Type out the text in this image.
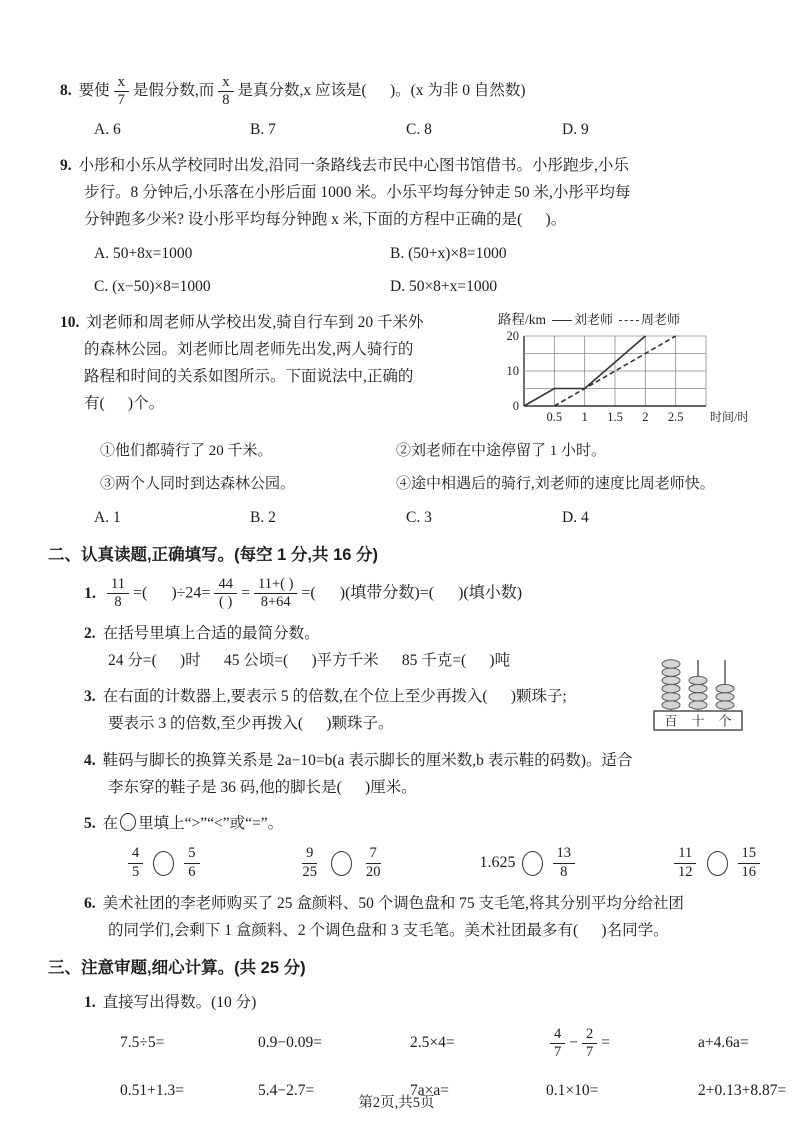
8. 要使 $\frac{x}{7}$ 是假分数,而 $\frac{x}{8}$ 是真分数,x 应该是(      )。(x 为非 0 自然数)
A. 6	B. 7	C. 8	D. 9
9. 小彤和小乐从学校同时出发,沿同一条路线去市民中心图书馆借书。小彤跑步,小乐
步行。8 分钟后,小乐落在小彤后面 1000 米。小乐平均每分钟走 50 米,小彤平均每
分钟跑多少米? 设小彤平均每分钟跑 x 米,下面的方程中正确的是(      )。
A. 50+8x=1000	B. (50+x)×8=1000
C. (x−50)×8=1000	D. 50×8+x=1000
10. 刘老师和周老师从学校出发,骑自行车到 20 千米外
的森林公园。刘老师比周老师先出发,两人骑行的
路程和时间的关系如图所示。下面说法中,正确的
有(      )个。
路程/km 刘老师 周老师
0.5 1 1.5 2 2.5
0
10
20
时间/时
①他们都骑行了 20 千米。	②刘老师在中途停留了 1 小时。
③两个人同时到达森林公园。	④途中相遇后的骑行,刘老师的速度比周老师快。
A. 1	B. 2	C. 3	D. 4
二、认真读题,正确填写。(每空 1 分,共 16 分)
1. $\frac{11}{8}$ =(      )$\div 24= \frac{44}{( )} = \frac{11+( )}{8+64}$ =(      )(填带分数)=(      )(填小数)
2. 在括号里填上合适的最简分数。
24 分=(      )时      45 公顷=(      )平方千米      85 千克=(      )吨
3. 在右面的计数器上,要表示 5 的倍数,在个位上至少再拨入(      )颗珠子;
要表示 3 的倍数,至少再拨入(      )颗珠子。	百 十 个
4. 鞋码与脚长的换算关系是 2a−10=b(a 表示脚长的厘米数,b 表示鞋的码数)。适合
李东穿的鞋子是 36 码,他的脚长是(      )厘米。
5. 在 里填上“>”“<”或“=”。
$\frac{4}{5}$	$\frac{5}{6}$	$\frac{9}{25}$	$\frac{7}{20}$	1.625	$\frac{13}{8}$	$\frac{11}{12}$	$\frac{15}{16}$
6. 美术社团的李老师购买了 25 盒颜料、50 个调色盘和 75 支毛笔,将其分别平均分给社团
的同学们,会剩下 1 盒颜料、2 个调色盘和 3 支毛笔。美术社团最多有(      )名同学。
三、注意审题,细心计算。(共 25 分)
1. 直接写出得数。(10 分)
7.5÷5=	0.9−0.09=	2.5×4=	$\frac{4}{7} - \frac{2}{7}$ =	a+4.6a=
0.51+1.3=	5.4−2.7=	7a×a=	0.1×10=	2+0.13+8.87=
第2页,共5页
